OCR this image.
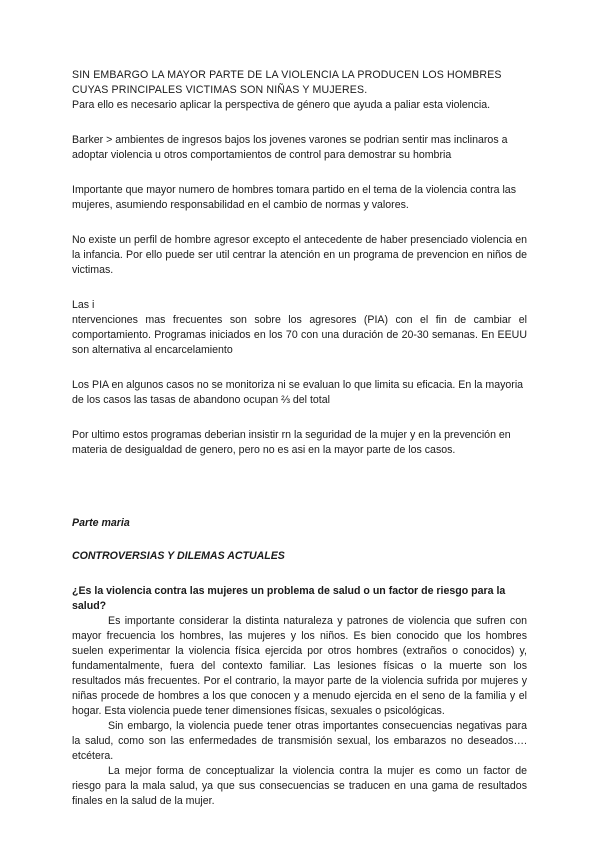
SIN EMBARGO LA MAYOR PARTE DE LA VIOLENCIA LA PRODUCEN LOS HOMBRES CUYAS PRINCIPALES VICTIMAS SON NIÑAS Y MUJERES.

Para ello es necesario aplicar la perspectiva de género que ayuda a paliar esta violencia.

Barker > ambientes de ingresos bajos los jovenes varones se podrian sentir mas inclinaros a adoptar violencia u otros comportamientos de control para demostrar su hombria

Importante que mayor numero de hombres tomara partido en el tema de la violencia contra las mujeres, asumiendo responsabilidad en el cambio de normas y valores.

No existe un perfil de hombre agresor excepto el antecedente de haber presenciado violencia en la infancia. Por ello puede ser util centrar la atención en un programa de prevencion en niños de victimas.

Las i

ntervenciones mas frecuentes son sobre los agresores (PIA) con el fin de cambiar el comportamiento. Programas iniciados en los 70 con una duración de 20-30 semanas. En EEUU son alternativa al encarcelamiento

Los PIA en algunos casos no se monitoriza ni se evaluan lo que limita su eficacia. En la mayoria de los casos las tasas de abandono ocupan ⅔ del total

Por ultimo estos programas deberian insistir rn la seguridad de la mujer y en la prevención en materia de desigualdad de genero, pero no es asi en la mayor parte de los casos.

Parte maria

CONTROVERSIAS Y DILEMAS ACTUALES

¿Es la violencia contra las mujeres un problema de salud o un factor de riesgo para la salud?

Es importante considerar la distinta naturaleza y patrones de violencia que sufren con mayor frecuencia los hombres, las mujeres y los niños. Es bien conocido que los hombres suelen experimentar la violencia física ejercida por otros hombres (extraños o conocidos) y, fundamentalmente, fuera del contexto familiar. Las lesiones físicas o la muerte son los resultados más frecuentes. Por el contrario, la mayor parte de la violencia sufrida por mujeres y niñas procede de hombres a los que conocen y a menudo ejercida en el seno de la familia y el hogar. Esta violencia puede tener dimensiones físicas, sexuales o psicológicas.

Sin embargo, la violencia puede tener otras importantes consecuencias negativas para la salud, como son las enfermedades de transmisión sexual, los embarazos no deseados…. etcétera.

La mejor forma de conceptualizar la violencia contra la mujer es como un factor de riesgo para la mala salud, ya que sus consecuencias se traducen en una gama de resultados finales en la salud de la mujer.
